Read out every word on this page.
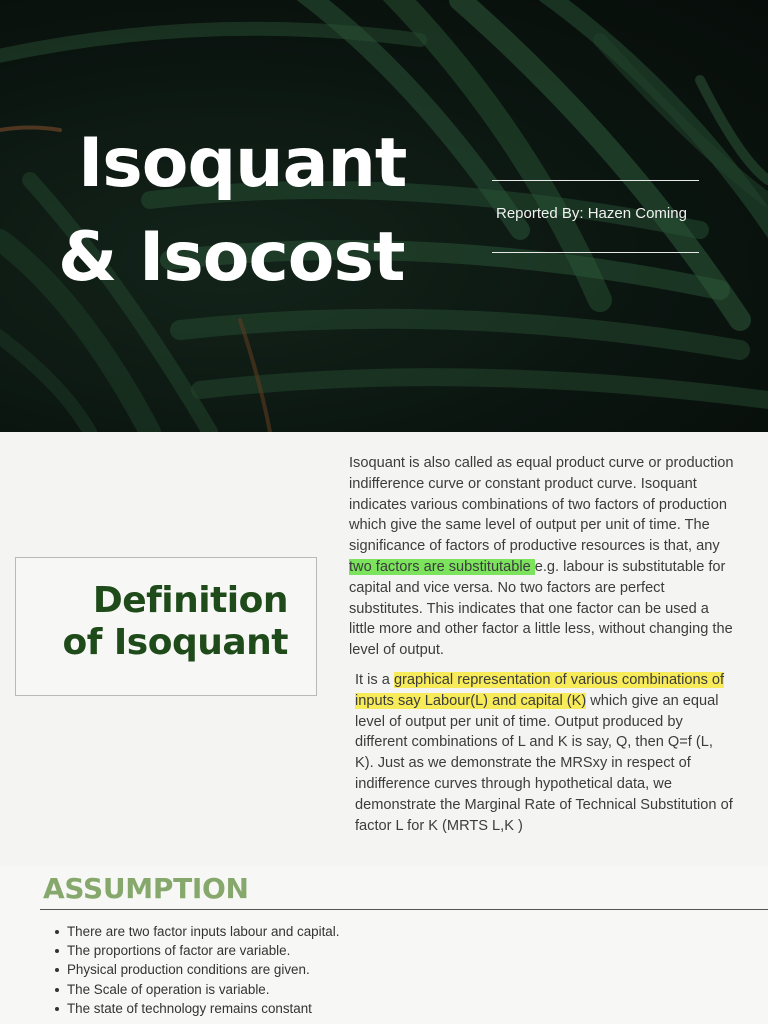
Isoquant
& Isocost
Reported By: Hazen Coming
Definition
of Isoquant

Isoquant is also called as equal product curve or production indifference curve or constant product curve. Isoquant indicates various combinations of two factors of production which give the same level of output per unit of time. The significance of factors of productive resources is that, any two factors are substitutable e.g. labour is substitutable for capital and vice versa. No two factors are perfect substitutes. This indicates that one factor can be used a little more and other factor a little less, without changing the level of output.

It is a graphical representation of various combinations of inputs say Labour(L) and capital (K) which give an equal level of output per unit of time. Output produced by different combinations of L and K is say, Q, then Q=f (L, K). Just as we demonstrate the MRSxy in respect of indifference curves through hypothetical data, we demonstrate the Marginal Rate of Technical Substitution of factor L for K (MRTS L,K )

ASSUMPTION
There are two factor inputs labour and capital.
The proportions of factor are variable.
Physical production conditions are given.
The Scale of operation is variable.
The state of technology remains constant
